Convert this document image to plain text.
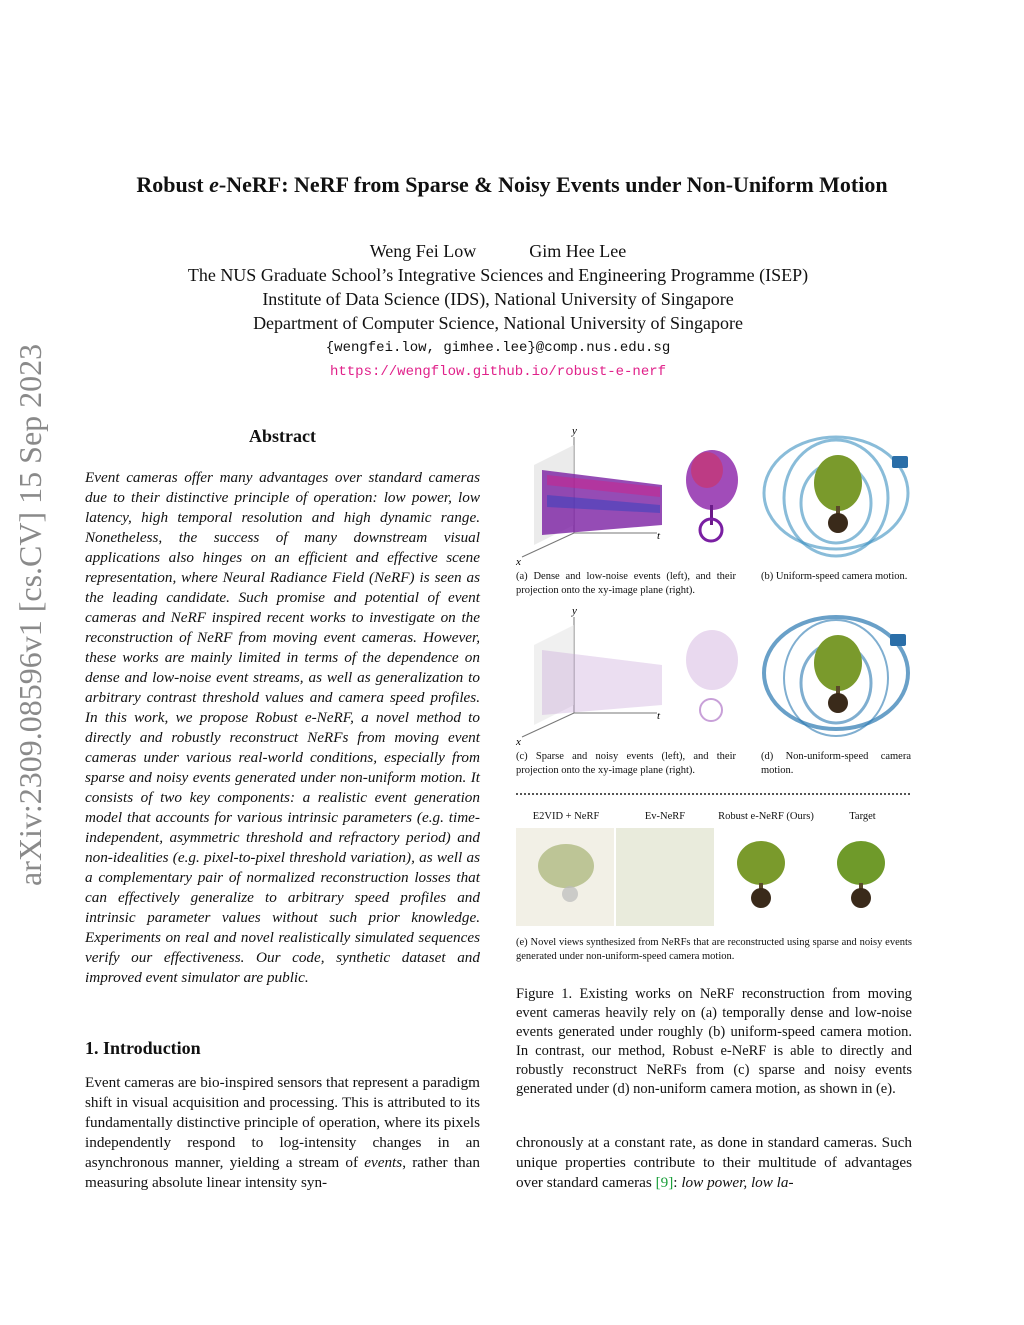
arXiv:2309.08596v1 [cs.CV] 15 Sep 2023
Robust e-NeRF: NeRF from Sparse & Noisy Events under Non-Uniform Motion
Weng Fei Low	Gim Hee Lee
The NUS Graduate School’s Integrative Sciences and Engineering Programme (ISEP)
Institute of Data Science (IDS), National University of Singapore
Department of Computer Science, National University of Singapore
{wengfei.low, gimhee.lee}@comp.nus.edu.sg
https://wengflow.github.io/robust-e-nerf
Abstract
Event cameras offer many advantages over standard cameras due to their distinctive principle of operation: low power, low latency, high temporal resolution and high dynamic range. Nonetheless, the success of many downstream visual applications also hinges on an efficient and effective scene representation, where Neural Radiance Field (NeRF) is seen as the leading candidate. Such promise and potential of event cameras and NeRF inspired recent works to investigate on the reconstruction of NeRF from moving event cameras. However, these works are mainly limited in terms of the dependence on dense and low-noise event streams, as well as generalization to arbitrary contrast threshold values and camera speed profiles. In this work, we propose Robust e-NeRF, a novel method to directly and robustly reconstruct NeRFs from moving event cameras under various real-world conditions, especially from sparse and noisy events generated under non-uniform motion. It consists of two key components: a realistic event generation model that accounts for various intrinsic parameters (e.g. time-independent, asymmetric threshold and refractory period) and non-idealities (e.g. pixel-to-pixel threshold variation), as well as a complementary pair of normalized reconstruction losses that can effectively generalize to arbitrary speed profiles and intrinsic parameter values without such prior knowledge. Experiments on real and novel realistically simulated sequences verify our effectiveness. Our code, synthetic dataset and improved event simulator are public.
1. Introduction
Event cameras are bio-inspired sensors that represent a paradigm shift in visual acquisition and processing. This is attributed to its fundamentally distinctive principle of operation, where its pixels independently respond to log-intensity changes in an asynchronous manner, yielding a stream of events, rather than measuring absolute linear intensity syn-
y
t
x
(a) Dense and low-noise events (left), and their projection onto the xy-image plane (right).
(b) Uniform-speed camera motion.
y
t
x
(c) Sparse and noisy events (left), and their projection onto the xy-image plane (right).
(d) Non-uniform-speed camera motion.
E2VID + NeRF	Ev-NeRF	Robust e-NeRF (Ours)	Target
(e) Novel views synthesized from NeRFs that are reconstructed using sparse and noisy events generated under non-uniform-speed camera motion.
Figure 1. Existing works on NeRF reconstruction from moving event cameras heavily rely on (a) temporally dense and low-noise events generated under roughly (b) uniform-speed camera motion. In contrast, our method, Robust e-NeRF is able to directly and robustly reconstruct NeRFs from (c) sparse and noisy events generated under (d) non-uniform camera motion, as shown in (e).
chronously at a constant rate, as done in standard cameras. Such unique properties contribute to their multitude of advantages over standard cameras [9]: low power, low la-
